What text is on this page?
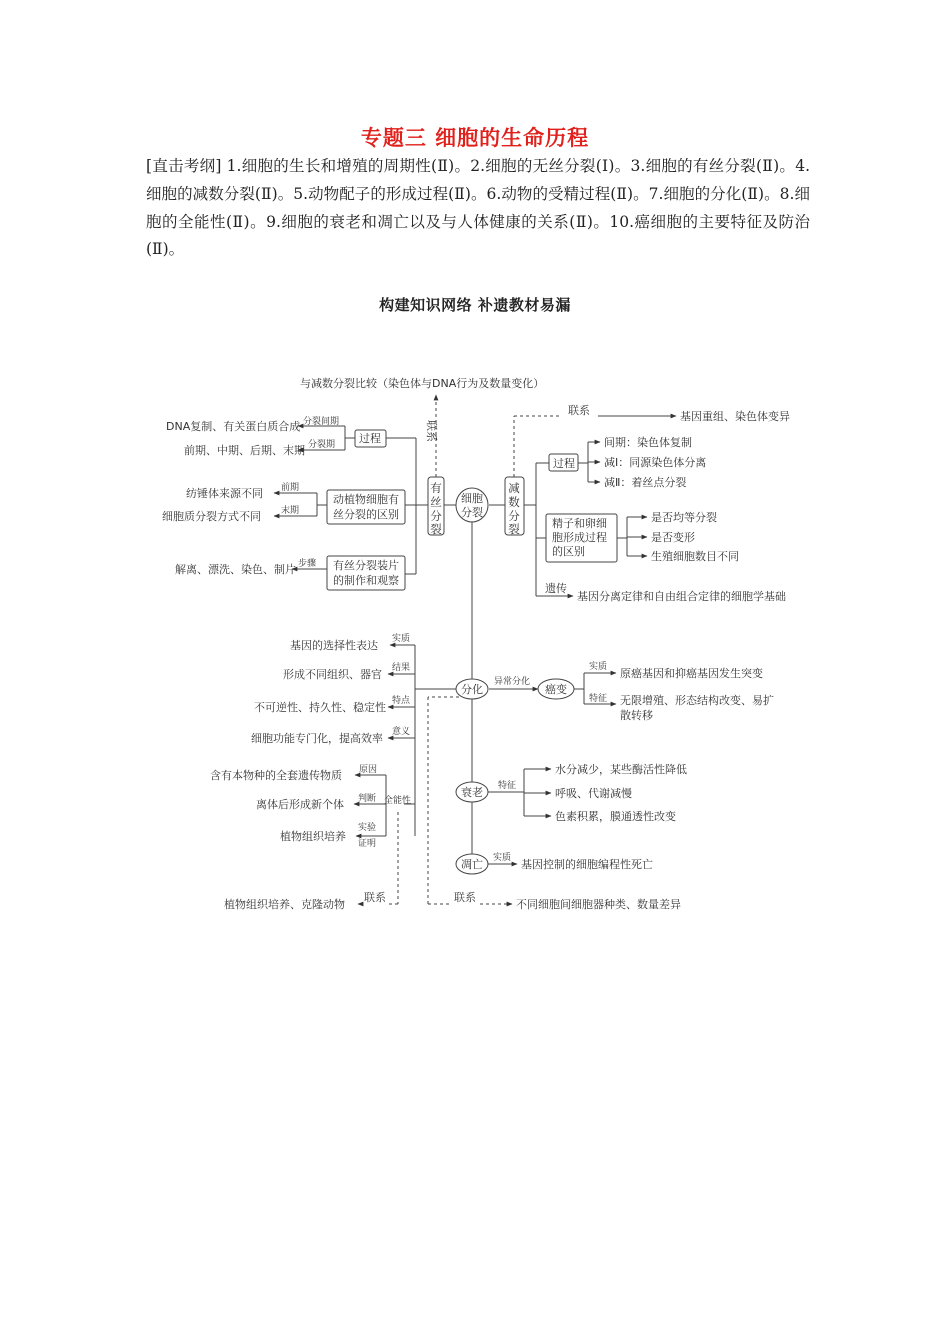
专题三 细胞的生命历程
[直击考纲] 1.细胞的生长和增殖的周期性(Ⅱ)。2.细胞的无丝分裂(Ⅰ)。3.细胞的有丝分裂(Ⅱ)。4.细胞的减数分裂(Ⅱ)。5.动物配子的形成过程(Ⅱ)。6.动物的受精过程(Ⅱ)。7.细胞的分化(Ⅱ)。8.细胞的全能性(Ⅱ)。9.细胞的衰老和凋亡以及与人体健康的关系(Ⅱ)。10.癌细胞的主要特征及防治(Ⅱ)。
构建知识网络 补遗教材易漏
与减数分裂比较（染色体与DNA行为及数量变化）
联系
联系
联系	联系
细胞
分裂
有
丝
分
裂
减
数
分
裂
过程
DNA复制、有关蛋白质合成 分裂间期
前期、中期、后期、末期 分裂期
纺锤体来源不同 前期
细胞质分裂方式不同 末期
动植物细胞有
丝分裂的区别
解离、漂洗、染色、制片 步骤 有丝分裂装片
的制作和观察
基因重组、染色体变异
过程
间期：染色体复制
减Ⅰ：同源染色体分离
减Ⅱ：着丝点分裂
精子和卵细
胞形成过程
的区别
是否均等分裂
是否变形
生殖细胞数目不同
遗传
基因分离定律和自由组合定律的细胞学基础
分化
实质
基因的选择性表达
结果
形成不同组织、器官
特点
不可逆性、持久性、稳定性
意义
细胞功能专门化，提高效率
原因
含有本物种的全套遗传物质
判断
离体后形成新个体	全能性
实验
证明
植物组织培养
植物组织培养、克隆动物
异常分化
癌变
实质 原癌基因和抑癌基因发生突变
特征 无限增殖、形态结构改变、易扩
散转移
衰老 特征
水分减少，某些酶活性降低
呼吸、代谢减慢
色素积累，膜通透性改变
凋亡 实质 基因控制的细胞编程性死亡
不同细胞间细胞器种类、数量差异
